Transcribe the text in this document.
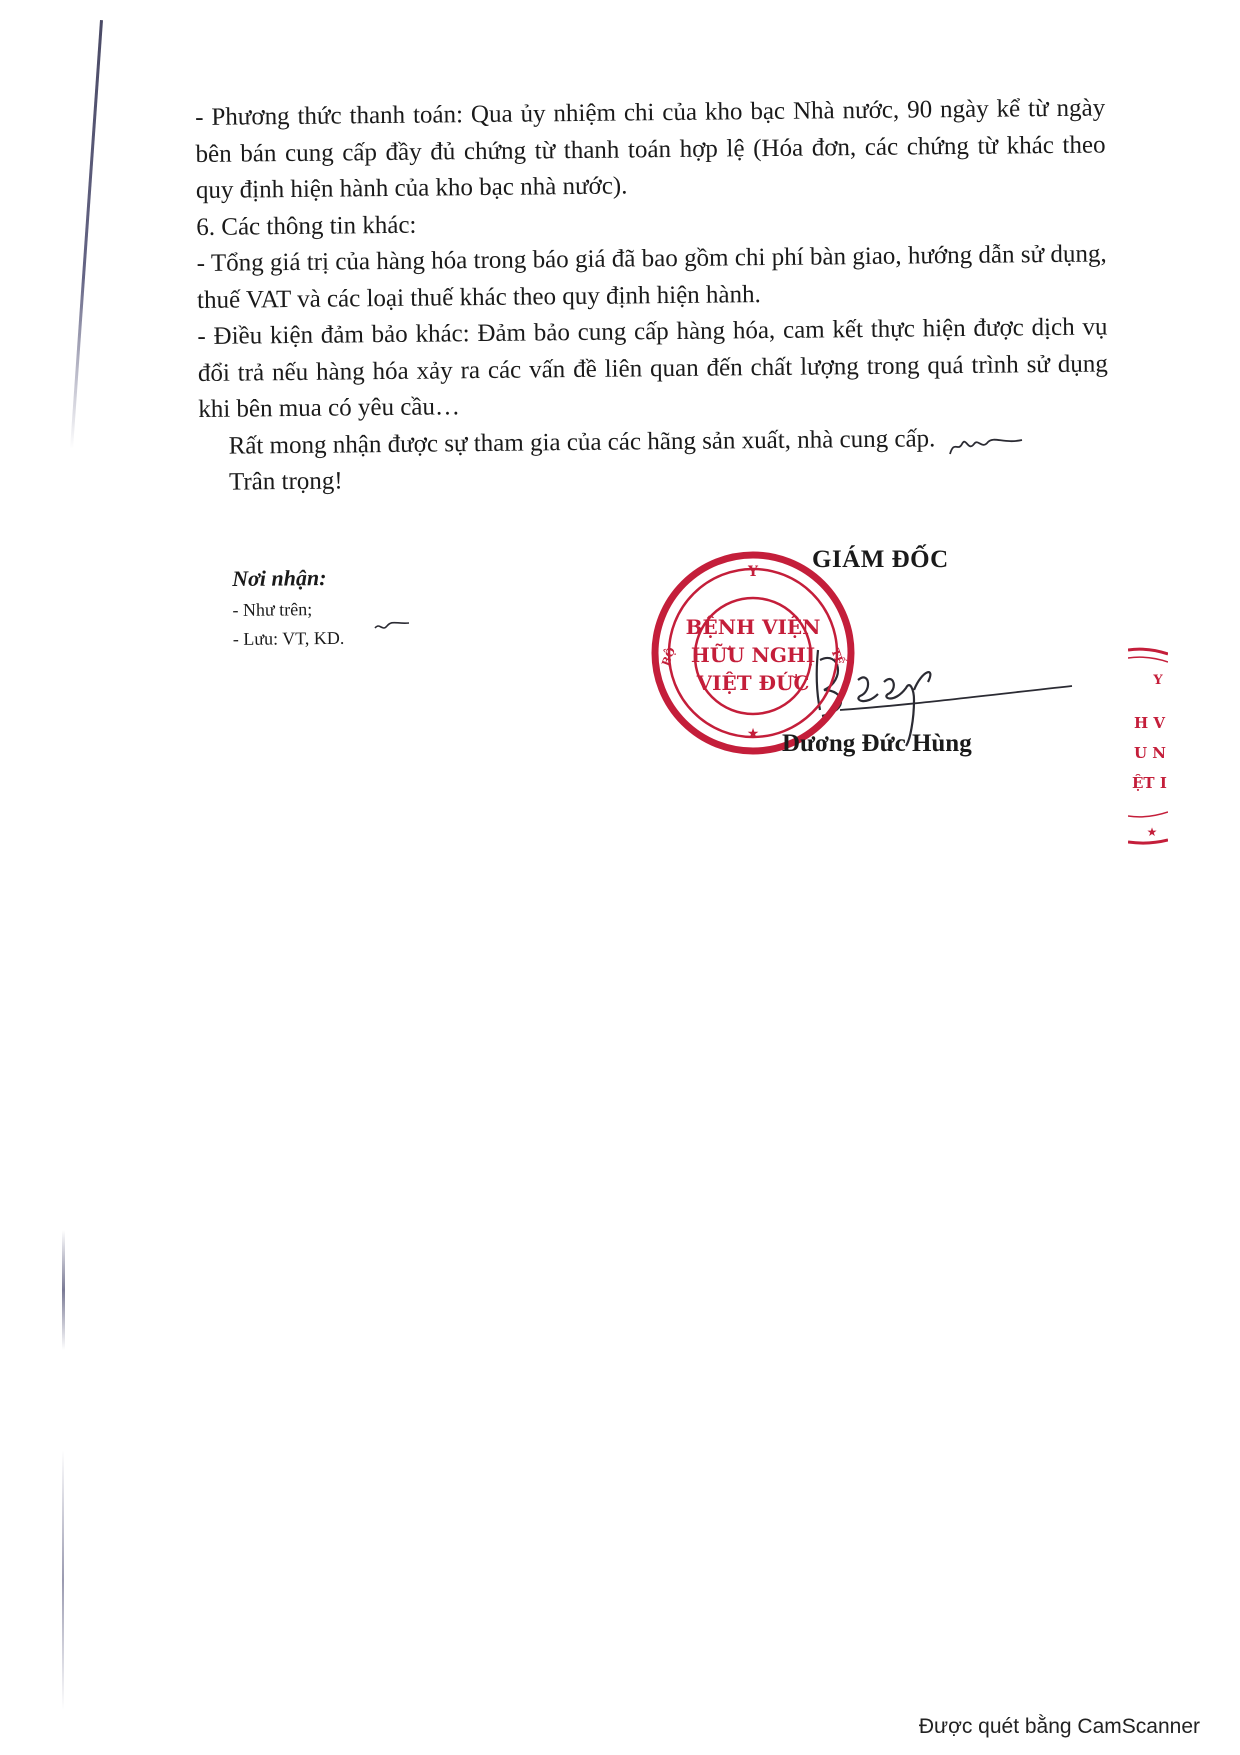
- Phương thức thanh toán: Qua ủy nhiệm chi của kho bạc Nhà nước, 90 ngày kể từ ngày bên bán cung cấp đầy đủ chứng từ thanh toán hợp lệ (Hóa đơn, các chứng từ khác theo quy định hiện hành của kho bạc nhà nước).

6. Các thông tin khác:

- Tổng giá trị của hàng hóa trong báo giá đã bao gồm chi phí bàn giao, hướng dẫn sử dụng, thuế VAT và các loại thuế khác theo quy định hiện hành.

- Điều kiện đảm bảo khác: Đảm bảo cung cấp hàng hóa, cam kết thực hiện được dịch vụ đổi trả nếu hàng hóa xảy ra các vấn đề liên quan đến chất lượng trong quá trình sử dụng khi bên mua có yêu cầu…

Rất mong nhận được sự tham gia của các hãng sản xuất, nhà cung cấp.

Trân trọng!

Nơi nhận:

- Như trên;

- Lưu: VT, KD.

GIÁM ĐỐC
Y
BỘ	TẾ
BỆNH VIỆN
HỮU NGHỊ
VIỆT ĐỨC
★ Dương Đức Hùng
Y
H V
U N
ỆT I
★
Được quét bằng CamScanner
